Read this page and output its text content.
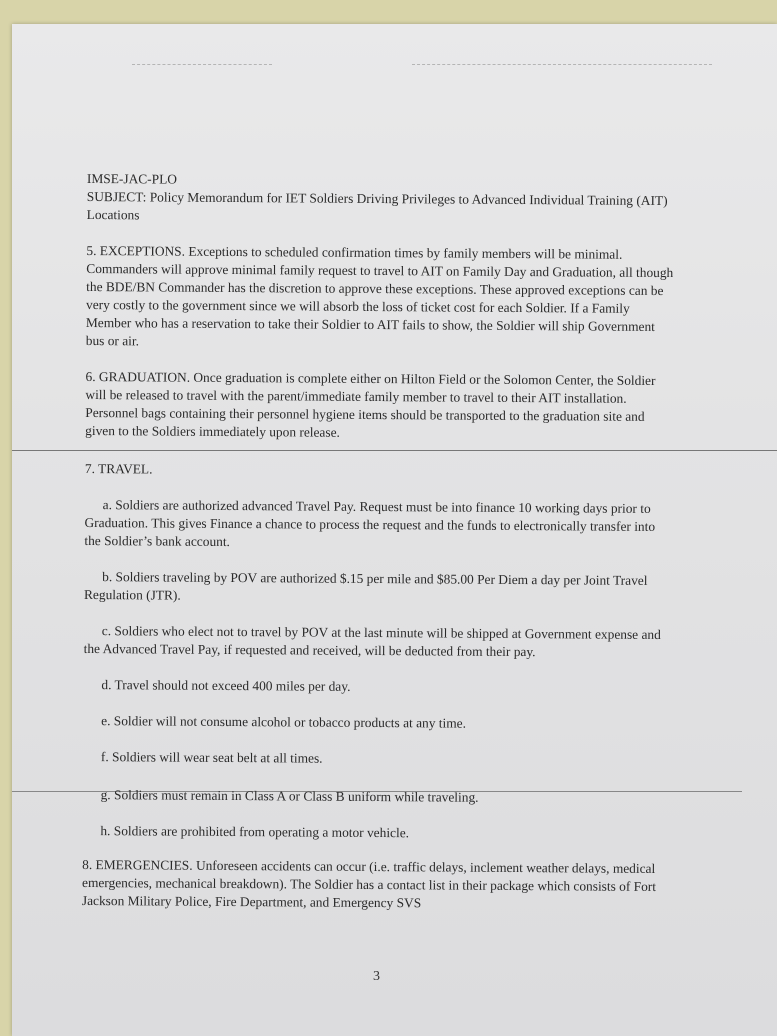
IMSE-JAC-PLO

SUBJECT: Policy Memorandum for IET Soldiers Driving Privileges to Advanced Individual Training (AIT) Locations

5. EXCEPTIONS. Exceptions to scheduled confirmation times by family members will be minimal. Commanders will approve minimal family request to travel to AIT on Family Day and Graduation, all though the BDE/BN Commander has the discretion to approve these exceptions. These approved exceptions can be very costly to the government since we will absorb the loss of ticket cost for each Soldier. If a Family Member who has a reservation to take their Soldier to AIT fails to show, the Soldier will ship Government bus or air.

6. GRADUATION. Once graduation is complete either on Hilton Field or the Solomon Center, the Soldier will be released to travel with the parent/immediate family member to travel to their AIT installation. Personnel bags containing their personnel hygiene items should be transported to the graduation site and given to the Soldiers immediately upon release.

7. TRAVEL.

a. Soldiers are authorized advanced Travel Pay. Request must be into finance 10 working days prior to Graduation. This gives Finance a chance to process the request and the funds to electronically transfer into the Soldier’s bank account.

b. Soldiers traveling by POV are authorized $.15 per mile and $85.00 Per Diem a day per Joint Travel Regulation (JTR).

c. Soldiers who elect not to travel by POV at the last minute will be shipped at Government expense and the Advanced Travel Pay, if requested and received, will be deducted from their pay.

d. Travel should not exceed 400 miles per day.

e. Soldier will not consume alcohol or tobacco products at any time.

f. Soldiers will wear seat belt at all times.

g. Soldiers must remain in Class A or Class B uniform while traveling.

h. Soldiers are prohibited from operating a motor vehicle.

8. EMERGENCIES. Unforeseen accidents can occur (i.e. traffic delays, inclement weather delays, medical emergencies, mechanical breakdown). The Soldier has a contact list in their package which consists of Fort Jackson Military Police, Fire Department, and Emergency SVS

3
